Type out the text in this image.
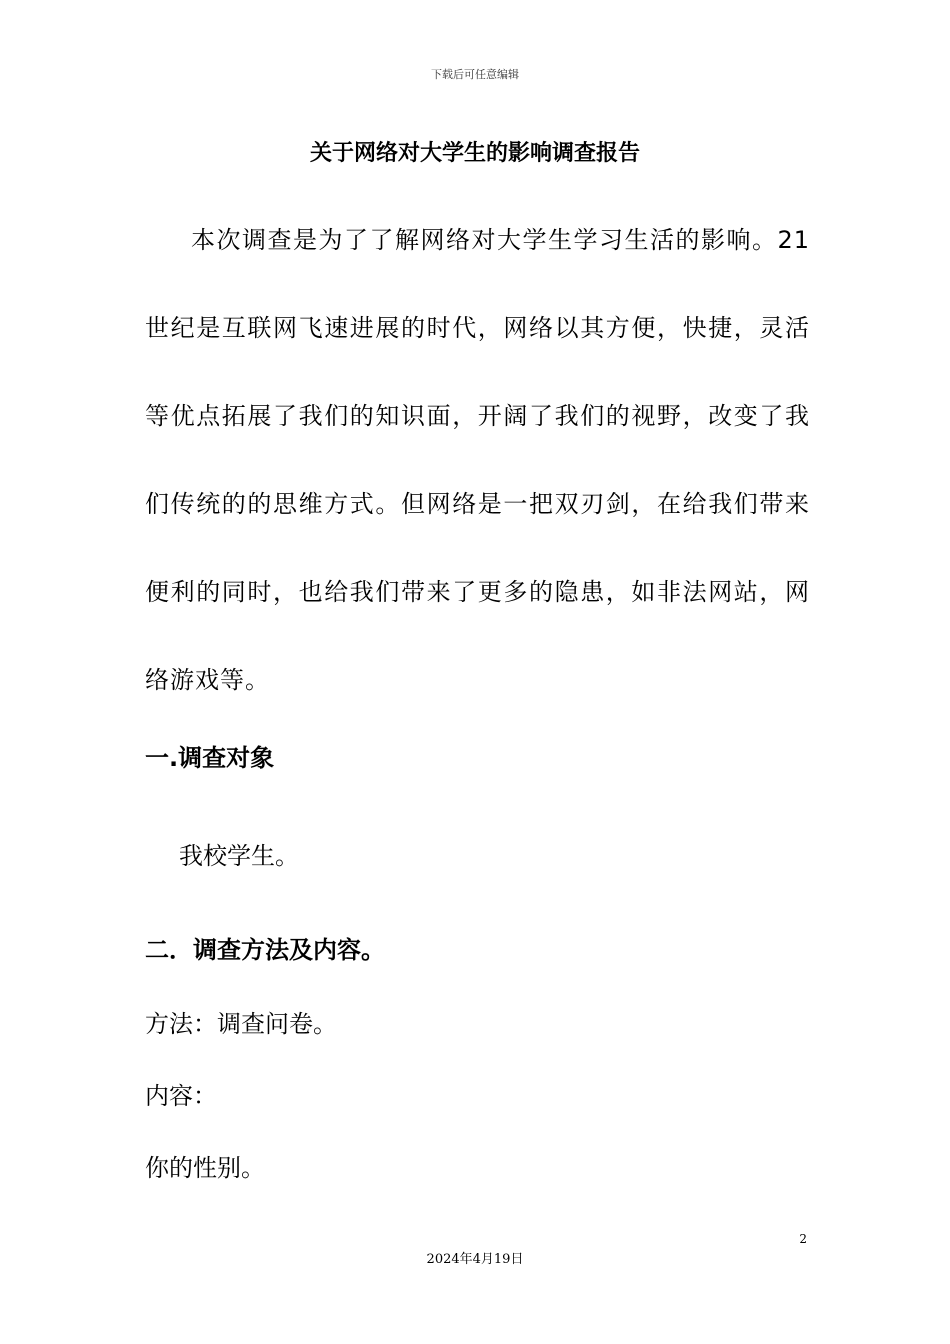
下载后可任意编辑
关于网络对大学生的影响调查报告

本次调查是为了了解网络对大学生学习生活的影响。21世纪是互联网飞速进展的时代，网络以其方便，快捷，灵活等优点拓展了我们的知识面，开阔了我们的视野，改变了我们传统的的思维方式。但网络是一把双刃剑，在给我们带来便利的同时，也给我们带来了更多的隐患，如非法网站，网络游戏等。

一.调查对象
我校学生。
二．调查方法及内容。
方法：调查问卷。
内容：
你的性别。
2
2024年4月19日
